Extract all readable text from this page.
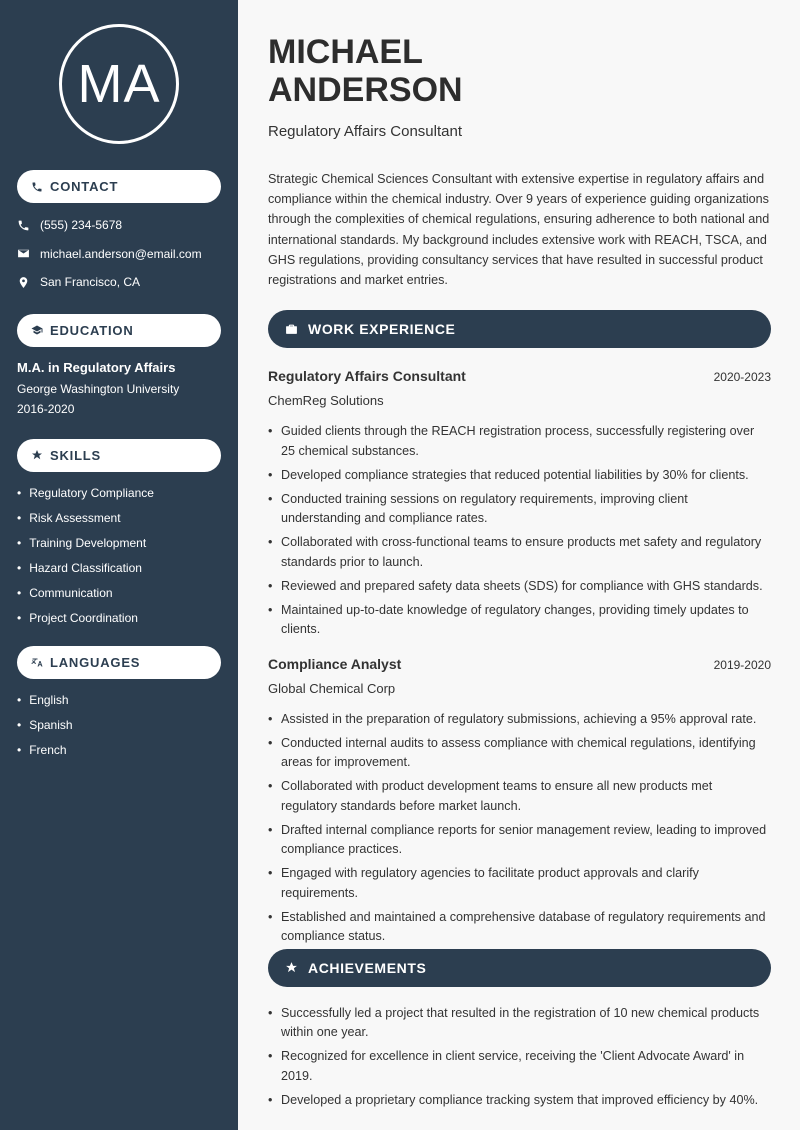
MA
CONTACT
(555) 234-5678
michael.anderson@email.com
San Francisco, CA
EDUCATION
M.A. in Regulatory Affairs
George Washington University
2016-2020
SKILLS
• Regulatory Compliance
• Risk Assessment
• Training Development
• Hazard Classification
• Communication
• Project Coordination
LANGUAGES
• English
• Spanish
• French
MICHAEL
ANDERSON
Regulatory Affairs Consultant

Strategic Chemical Sciences Consultant with extensive expertise in regulatory affairs and compliance within the chemical industry. Over 9 years of experience guiding organizations through the complexities of chemical regulations, ensuring adherence to both national and international standards. My background includes extensive work with REACH, TSCA, and GHS regulations, providing consultancy services that have resulted in successful product registrations and market entries.

WORK EXPERIENCE
Regulatory Affairs Consultant	2020-2023
ChemReg Solutions
• Guided clients through the REACH registration process, successfully registering over 25 chemical substances.
• Developed compliance strategies that reduced potential liabilities by 30% for clients.
• Conducted training sessions on regulatory requirements, improving client understanding and compliance rates.
• Collaborated with cross-functional teams to ensure products met safety and regulatory standards prior to launch.
• Reviewed and prepared safety data sheets (SDS) for compliance with GHS standards.
• Maintained up-to-date knowledge of regulatory changes, providing timely updates to clients.
Compliance Analyst	2019-2020
Global Chemical Corp
• Assisted in the preparation of regulatory submissions, achieving a 95% approval rate.
• Conducted internal audits to assess compliance with chemical regulations, identifying areas for improvement.
• Collaborated with product development teams to ensure all new products met regulatory standards before market launch.
• Drafted internal compliance reports for senior management review, leading to improved compliance practices.
• Engaged with regulatory agencies to facilitate product approvals and clarify requirements.
• Established and maintained a comprehensive database of regulatory requirements and compliance status.
ACHIEVEMENTS
• Successfully led a project that resulted in the registration of 10 new chemical products within one year.
• Recognized for excellence in client service, receiving the 'Client Advocate Award' in 2019.
• Developed a proprietary compliance tracking system that improved efficiency by 40%.
